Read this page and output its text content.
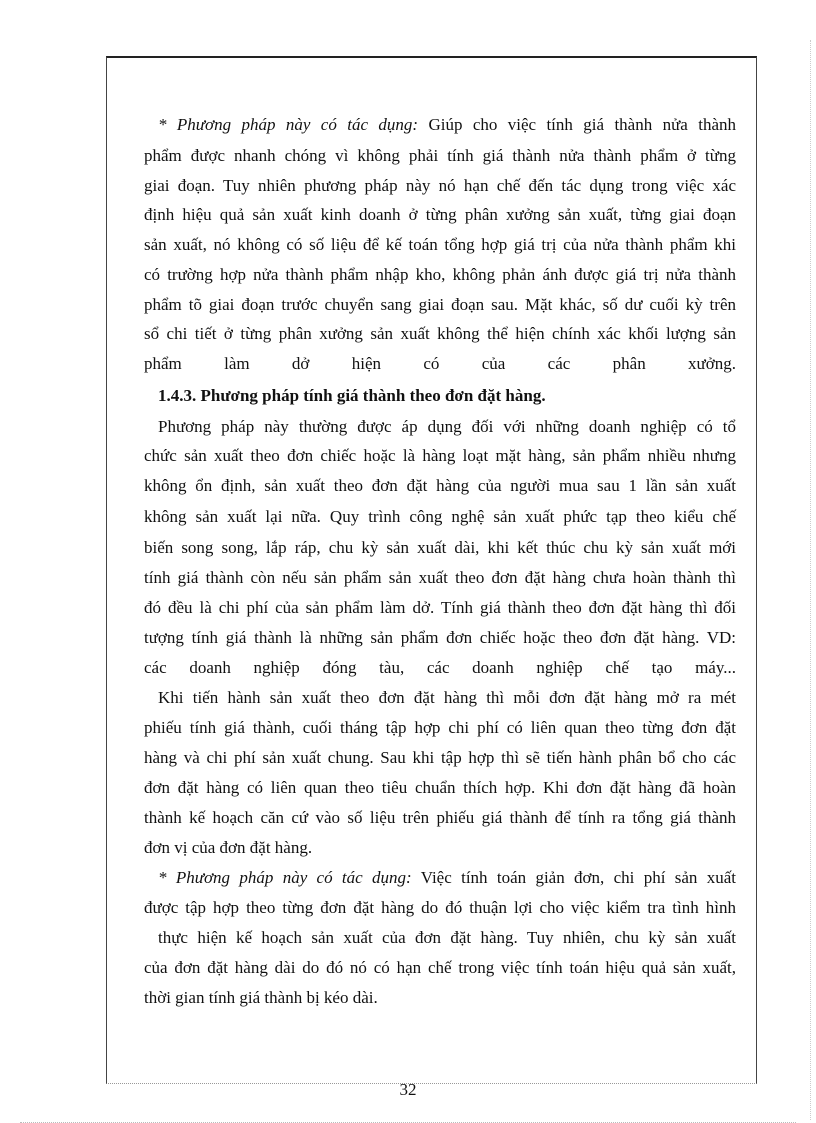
* Phương pháp này có tác dụng: Giúp cho việc tính giá thành nửa thành
phẩm được nhanh chóng vì không phải tính giá thành nửa thành phẩm ở từng
giai đoạn. Tuy nhiên phương pháp này nó hạn chế đến tác dụng trong việc xác
định hiệu quả sản xuất kinh doanh ở từng phân xưởng sản xuất, từng giai đoạn
sản xuất, nó không có số liệu để kế toán tổng hợp giá trị của nửa thành phẩm khi
có trường hợp nửa thành phẩm nhập kho, không phản ánh được giá trị nửa thành
phẩm tõ giai đoạn trước chuyển sang giai đoạn sau. Mặt khác, số dư cuối kỳ trên
sổ chi tiết ở từng phân xưởng sản xuất không thể hiện chính xác khối lượng sản
phẩm làm dở hiện có của các phân xưởng.
1.4.3. Phương pháp tính giá thành theo đơn đặt hàng.
Phương pháp này thường được áp dụng đối với những doanh nghiệp có tổ
chức sản xuất theo đơn chiếc hoặc là hàng loạt mặt hàng, sản phẩm nhiều nhưng
không ổn định, sản xuất theo đơn đặt hàng của người mua sau 1 lần sản xuất
không sản xuất lại nữa. Quy trình công nghệ sản xuất phức tạp theo kiểu chế
biến song song, lắp ráp, chu kỳ sản xuất dài, khi kết thúc chu kỳ sản xuất mới
tính giá thành còn nếu sản phẩm sản xuất theo đơn đặt hàng chưa hoàn thành thì
đó đều là chi phí của sản phẩm làm dở. Tính giá thành theo đơn đặt hàng thì đối
tượng tính giá thành là những sản phẩm đơn chiếc hoặc theo đơn đặt hàng. VD:
các doanh nghiệp đóng tàu, các doanh nghiệp chế tạo máy...
Khi tiến hành sản xuất theo đơn đặt hàng thì mỗi đơn đặt hàng mở ra mét
phiếu tính giá thành, cuối tháng tập hợp chi phí có liên quan theo từng đơn đặt
hàng và chi phí sản xuất chung. Sau khi tập hợp thì sẽ tiến hành phân bổ cho các
đơn đặt hàng có liên quan theo tiêu chuẩn thích hợp. Khi đơn đặt hàng đã hoàn
thành kế hoạch căn cứ vào số liệu trên phiếu giá thành để tính ra tổng giá thành
đơn vị của đơn đặt hàng.
* Phương pháp này có tác dụng: Việc tính toán giản đơn, chi phí sản xuất
được tập hợp theo từng đơn đặt hàng do đó thuận lợi cho việc kiểm tra tình hình
thực hiện kế hoạch sản xuất của đơn đặt hàng. Tuy nhiên, chu kỳ sản xuất
của đơn đặt hàng dài do đó nó có hạn chế trong việc tính toán hiệu quả sản xuất,
thời gian tính giá thành bị kéo dài.
32
